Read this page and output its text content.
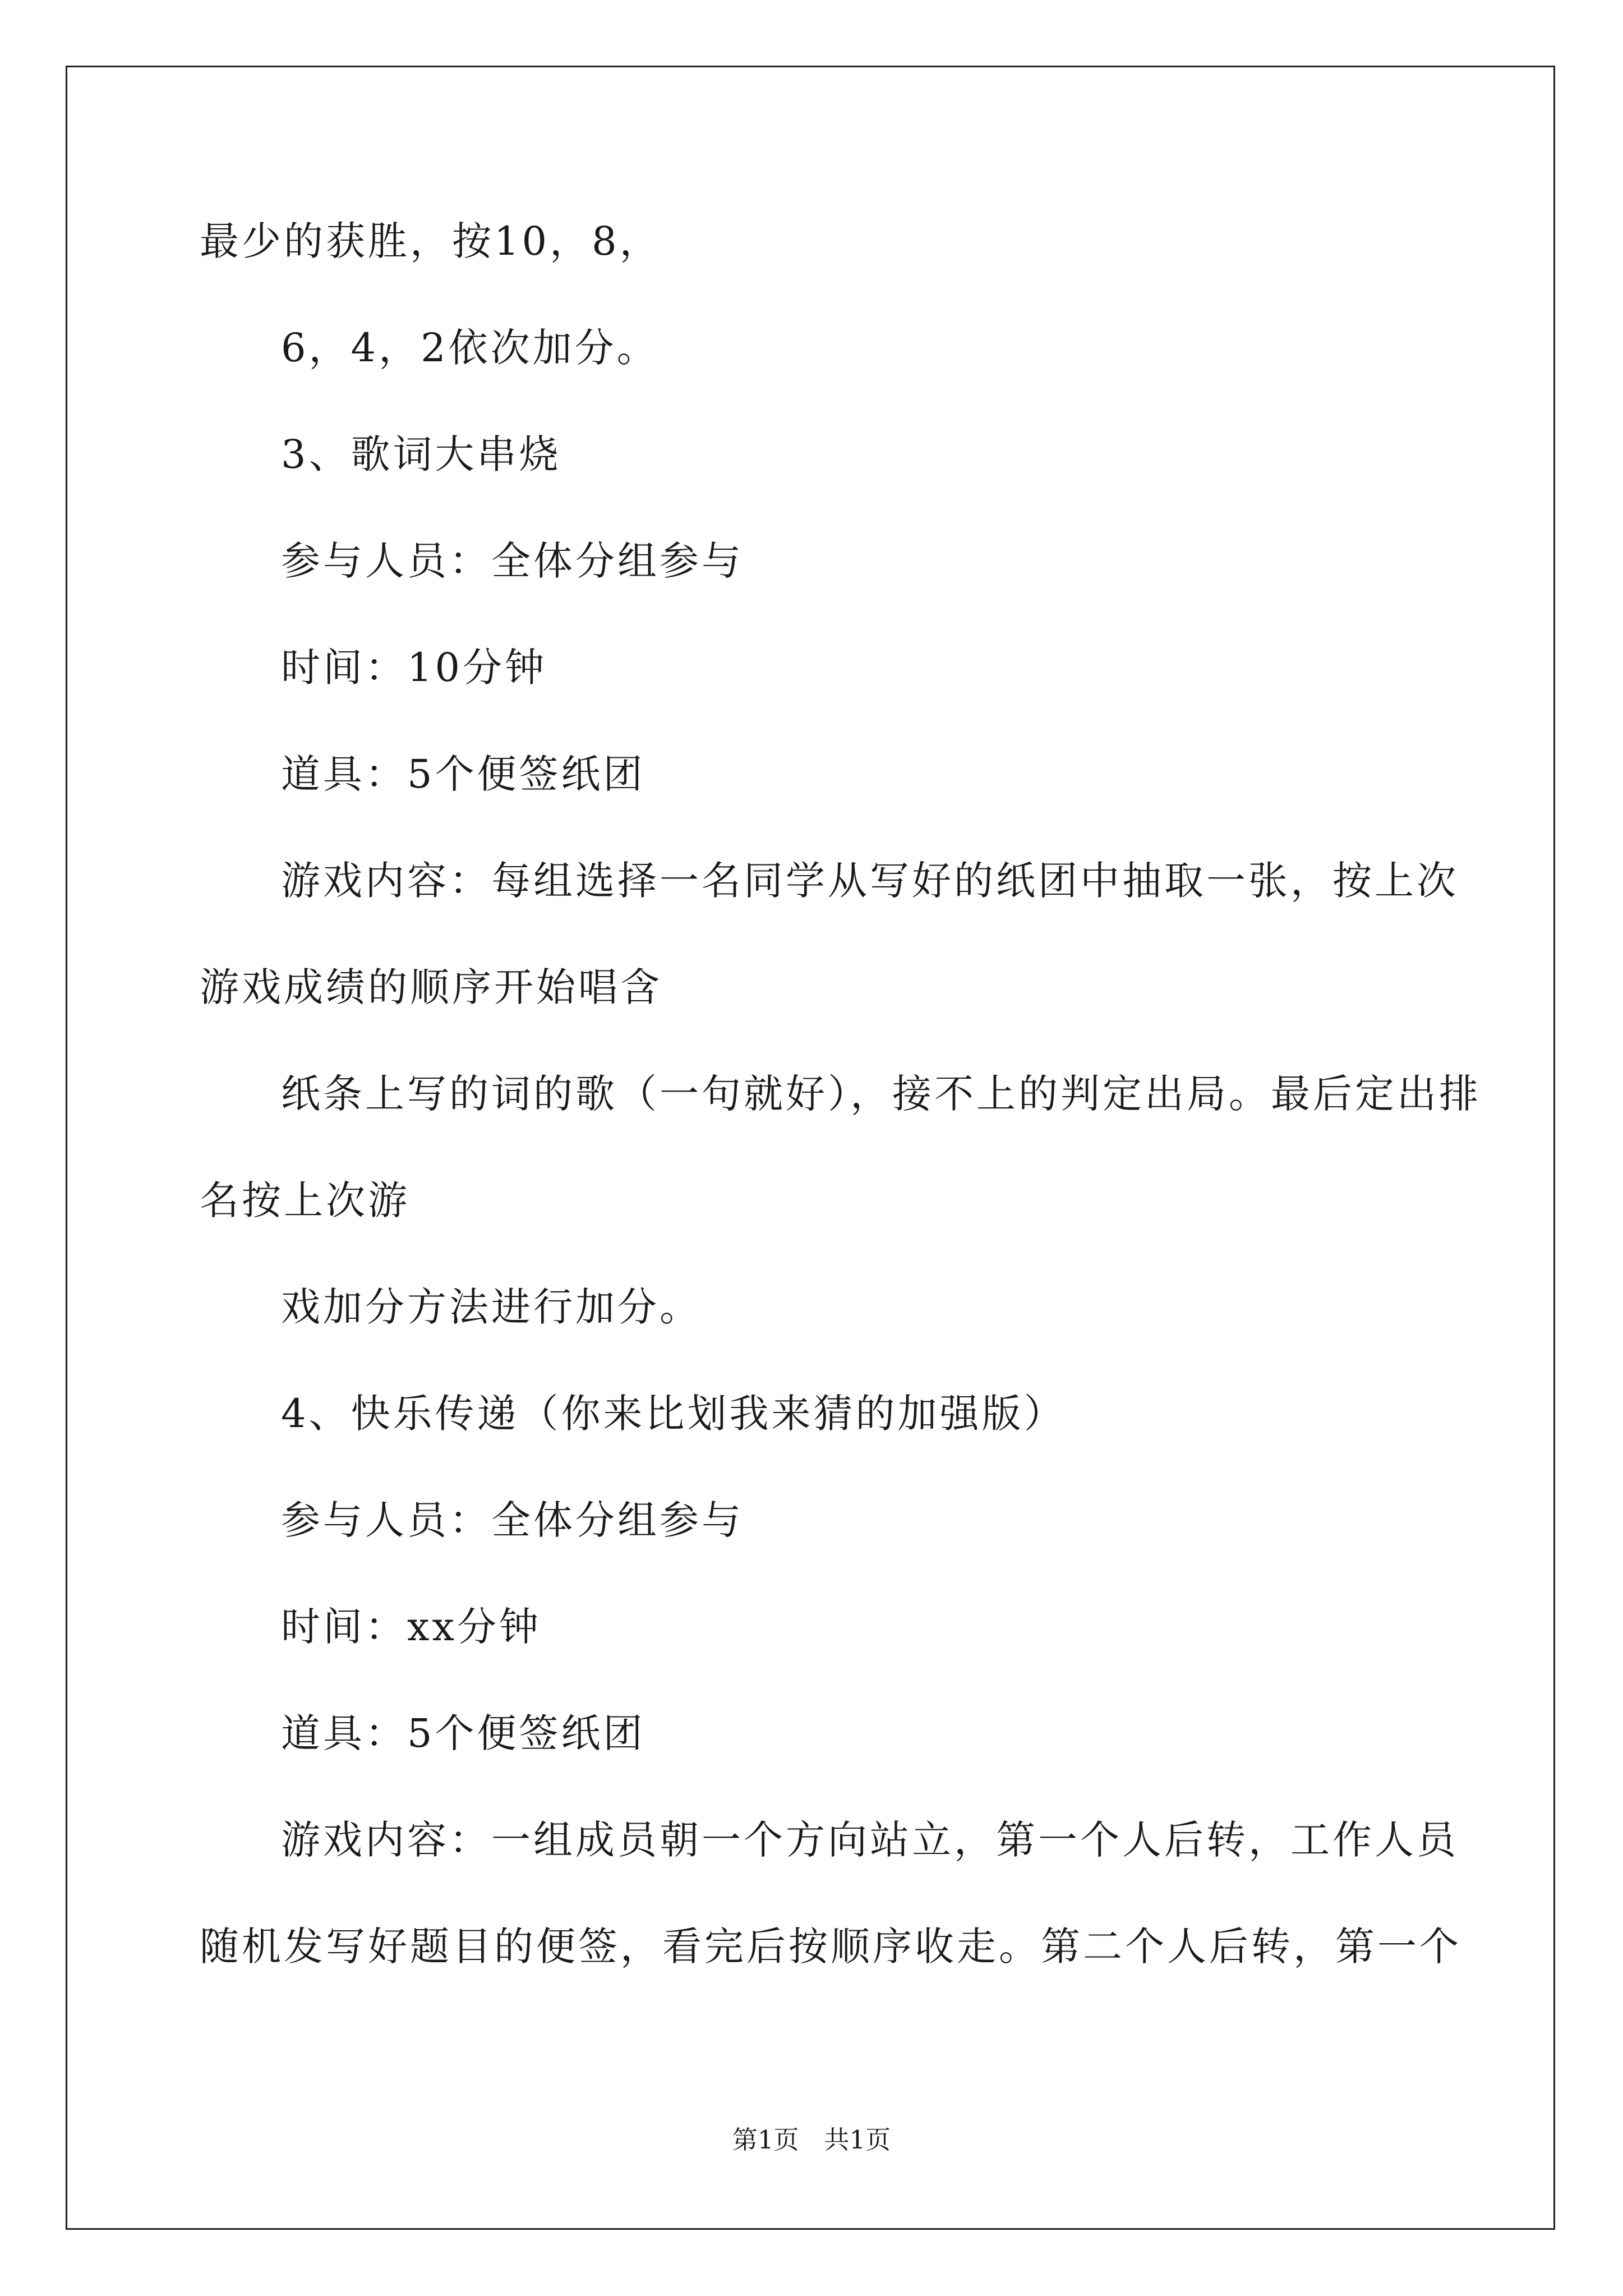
最少的获胜，按10，8，
6，4，2依次加分。
3、歌词大串烧
参与人员：全体分组参与
时间：10分钟
道具：5个便签纸团
游戏内容：每组选择一名同学从写好的纸团中抽取一张，按上次
游戏成绩的顺序开始唱含
纸条上写的词的歌（一句就好），接不上的判定出局。最后定出排
名按上次游
戏加分方法进行加分。
4、快乐传递（你来比划我来猜的加强版）
参与人员：全体分组参与
时间：xx分钟
道具：5个便签纸团
游戏内容：一组成员朝一个方向站立，第一个人后转，工作人员
随机发写好题目的便签，看完后按顺序收走。第二个人后转，第一个
第1页　共1页
